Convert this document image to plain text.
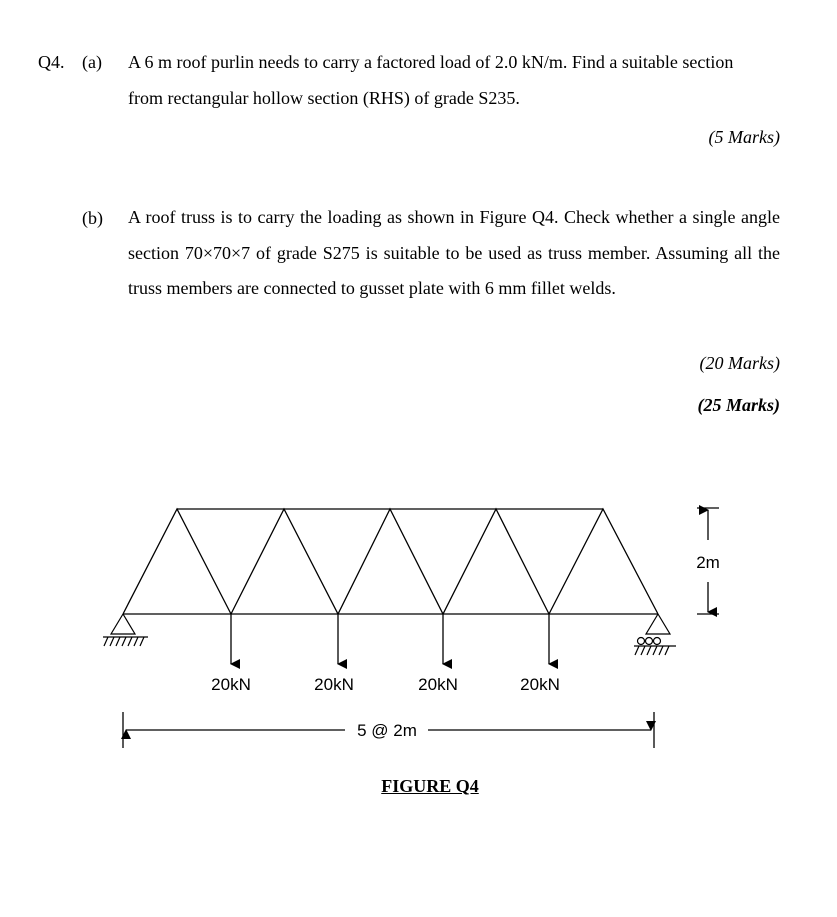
Q4. (a) A 6 m roof purlin needs to carry a factored load of 2.0 kN/m. Find a suitable section
from rectangular hollow section (RHS) of grade S235.
(5 Marks)
(b) A roof truss is to carry the loading as shown in Figure Q4. Check whether a single angle section 70×70×7 of grade S275 is suitable to be used as truss member. Assuming all the truss members are connected to gusset plate with 6 mm fillet welds.
(20 Marks)
(25 Marks)
20kN	20kN	20kN	20kN
2m
5 @ 2m
FIGURE Q4
